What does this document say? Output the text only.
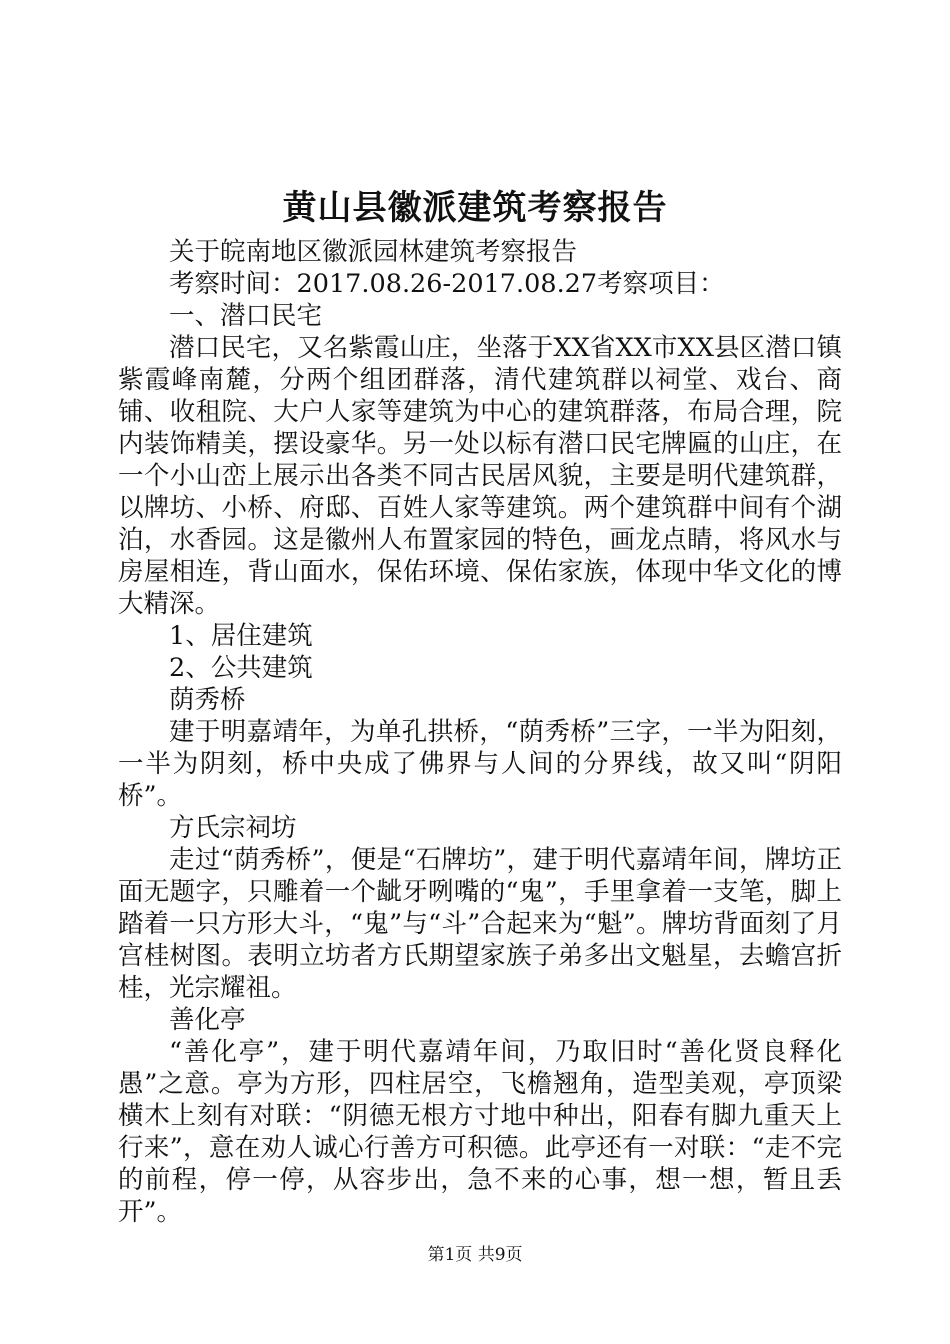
黄山县徽派建筑考察报告

关于皖南地区徽派园林建筑考察报告

考察时间：2017.08.26-2017.08.27考察项目：

一、潜口民宅

潜口民宅，又名紫霞山庄，坐落于XX省XX市XX县区潜口镇紫霞峰南麓，分两个组团群落，清代建筑群以祠堂、戏台、商铺、收租院、大户人家等建筑为中心的建筑群落，布局合理，院内装饰精美，摆设豪华。另一处以标有潜口民宅牌匾的山庄，在一个小山峦上展示出各类不同古民居风貌，主要是明代建筑群，以牌坊、小桥、府邸、百姓人家等建筑。两个建筑群中间有个湖泊，水香园。这是徽州人布置家园的特色，画龙点睛，将风水与房屋相连，背山面水，保佑环境、保佑家族，体现中华文化的博大精深。

1、居住建筑

2、公共建筑

荫秀桥

建于明嘉靖年，为单孔拱桥，“荫秀桥”三字，一半为阳刻，一半为阴刻，桥中央成了佛界与人间的分界线，故又叫“阴阳桥”。

方氏宗祠坊

走过“荫秀桥”，便是“石牌坊”，建于明代嘉靖年间，牌坊正面无题字，只雕着一个龇牙咧嘴的“鬼”，手里拿着一支笔，脚上踏着一只方形大斗，“鬼”与“斗”合起来为“魁”。牌坊背面刻了月宫桂树图。表明立坊者方氏期望家族子弟多出文魁星，去蟾宫折桂，光宗耀祖。

善化亭

“善化亭”，建于明代嘉靖年间，乃取旧时“善化贤良释化愚”之意。亭为方形，四柱居空，飞檐翘角，造型美观，亭顶梁横木上刻有对联：“阴德无根方寸地中种出，阳春有脚九重天上行来”，意在劝人诚心行善方可积德。此亭还有一对联：“走不完的前程，停一停，从容步出，急不来的心事，想一想，暂且丢开”。

第1页 共9页
